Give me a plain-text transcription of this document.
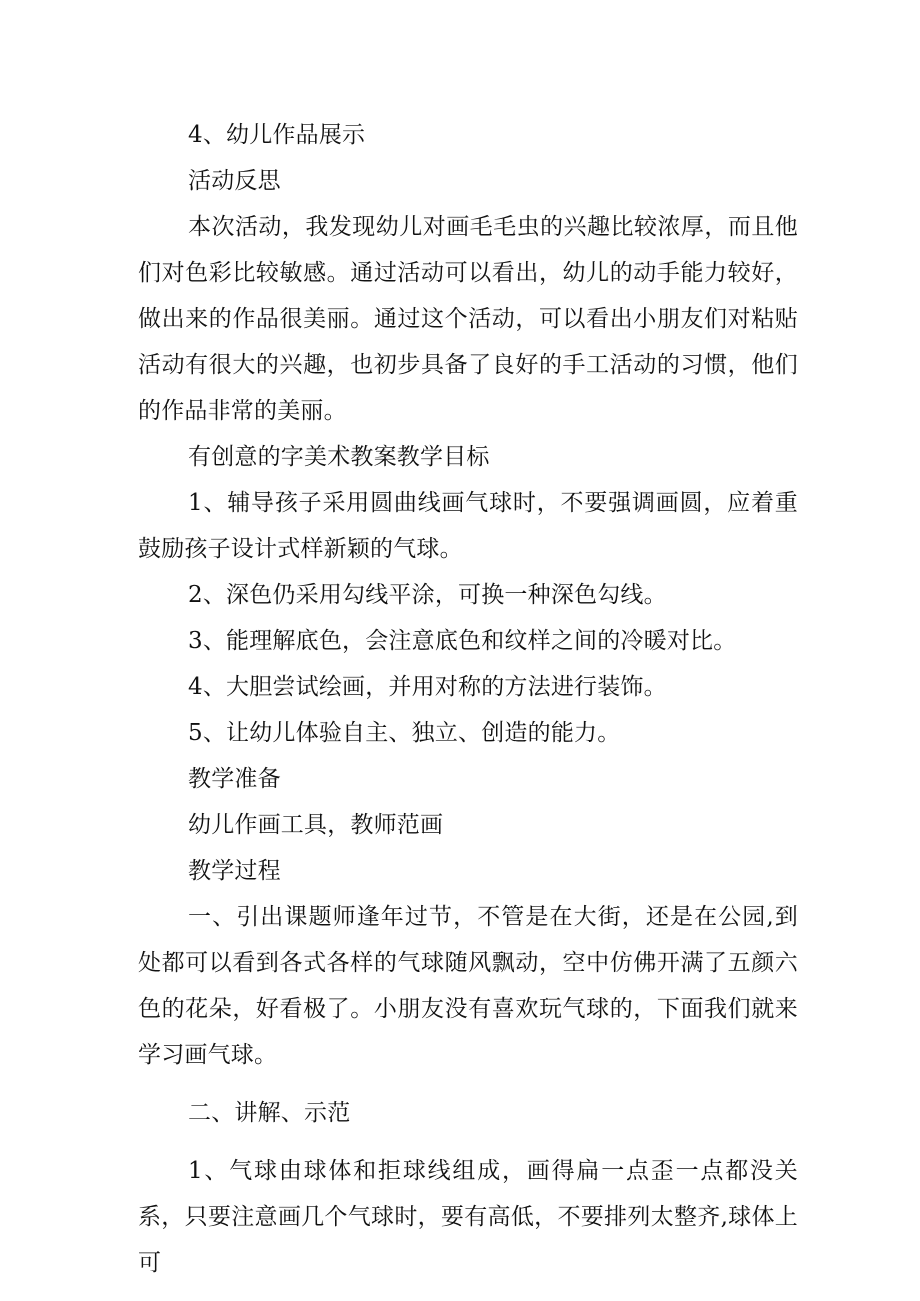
4、幼儿作品展示

活动反思

本次活动，我发现幼儿对画毛毛虫的兴趣比较浓厚，而且他们对色彩比较敏感。通过活动可以看出，幼儿的动手能力较好，做出来的作品很美丽。通过这个活动，可以看出小朋友们对粘贴活动有很大的兴趣，也初步具备了良好的手工活动的习惯，他们的作品非常的美丽。

有创意的字美术教案教学目标

1、辅导孩子采用圆曲线画气球时，不要强调画圆，应着重鼓励孩子设计式样新颖的气球。

2、深色仍采用勾线平涂，可换一种深色勾线。

3、能理解底色，会注意底色和纹样之间的冷暖对比。

4、大胆尝试绘画，并用对称的方法进行装饰。

5、让幼儿体验自主、独立、创造的能力。

教学准备

幼儿作画工具，教师范画

教学过程

一、引出课题师逢年过节，不管是在大街，还是在公园,到处都可以看到各式各样的气球随风飘动，空中仿佛开满了五颜六色的花朵，好看极了。小朋友没有喜欢玩气球的，下面我们就来学习画气球。

二、讲解、示范

1、气球由球体和拒球线组成，画得扁一点歪一点都没关系，只要注意画几个气球时，要有高低，不要排列太整齐,球体上可
